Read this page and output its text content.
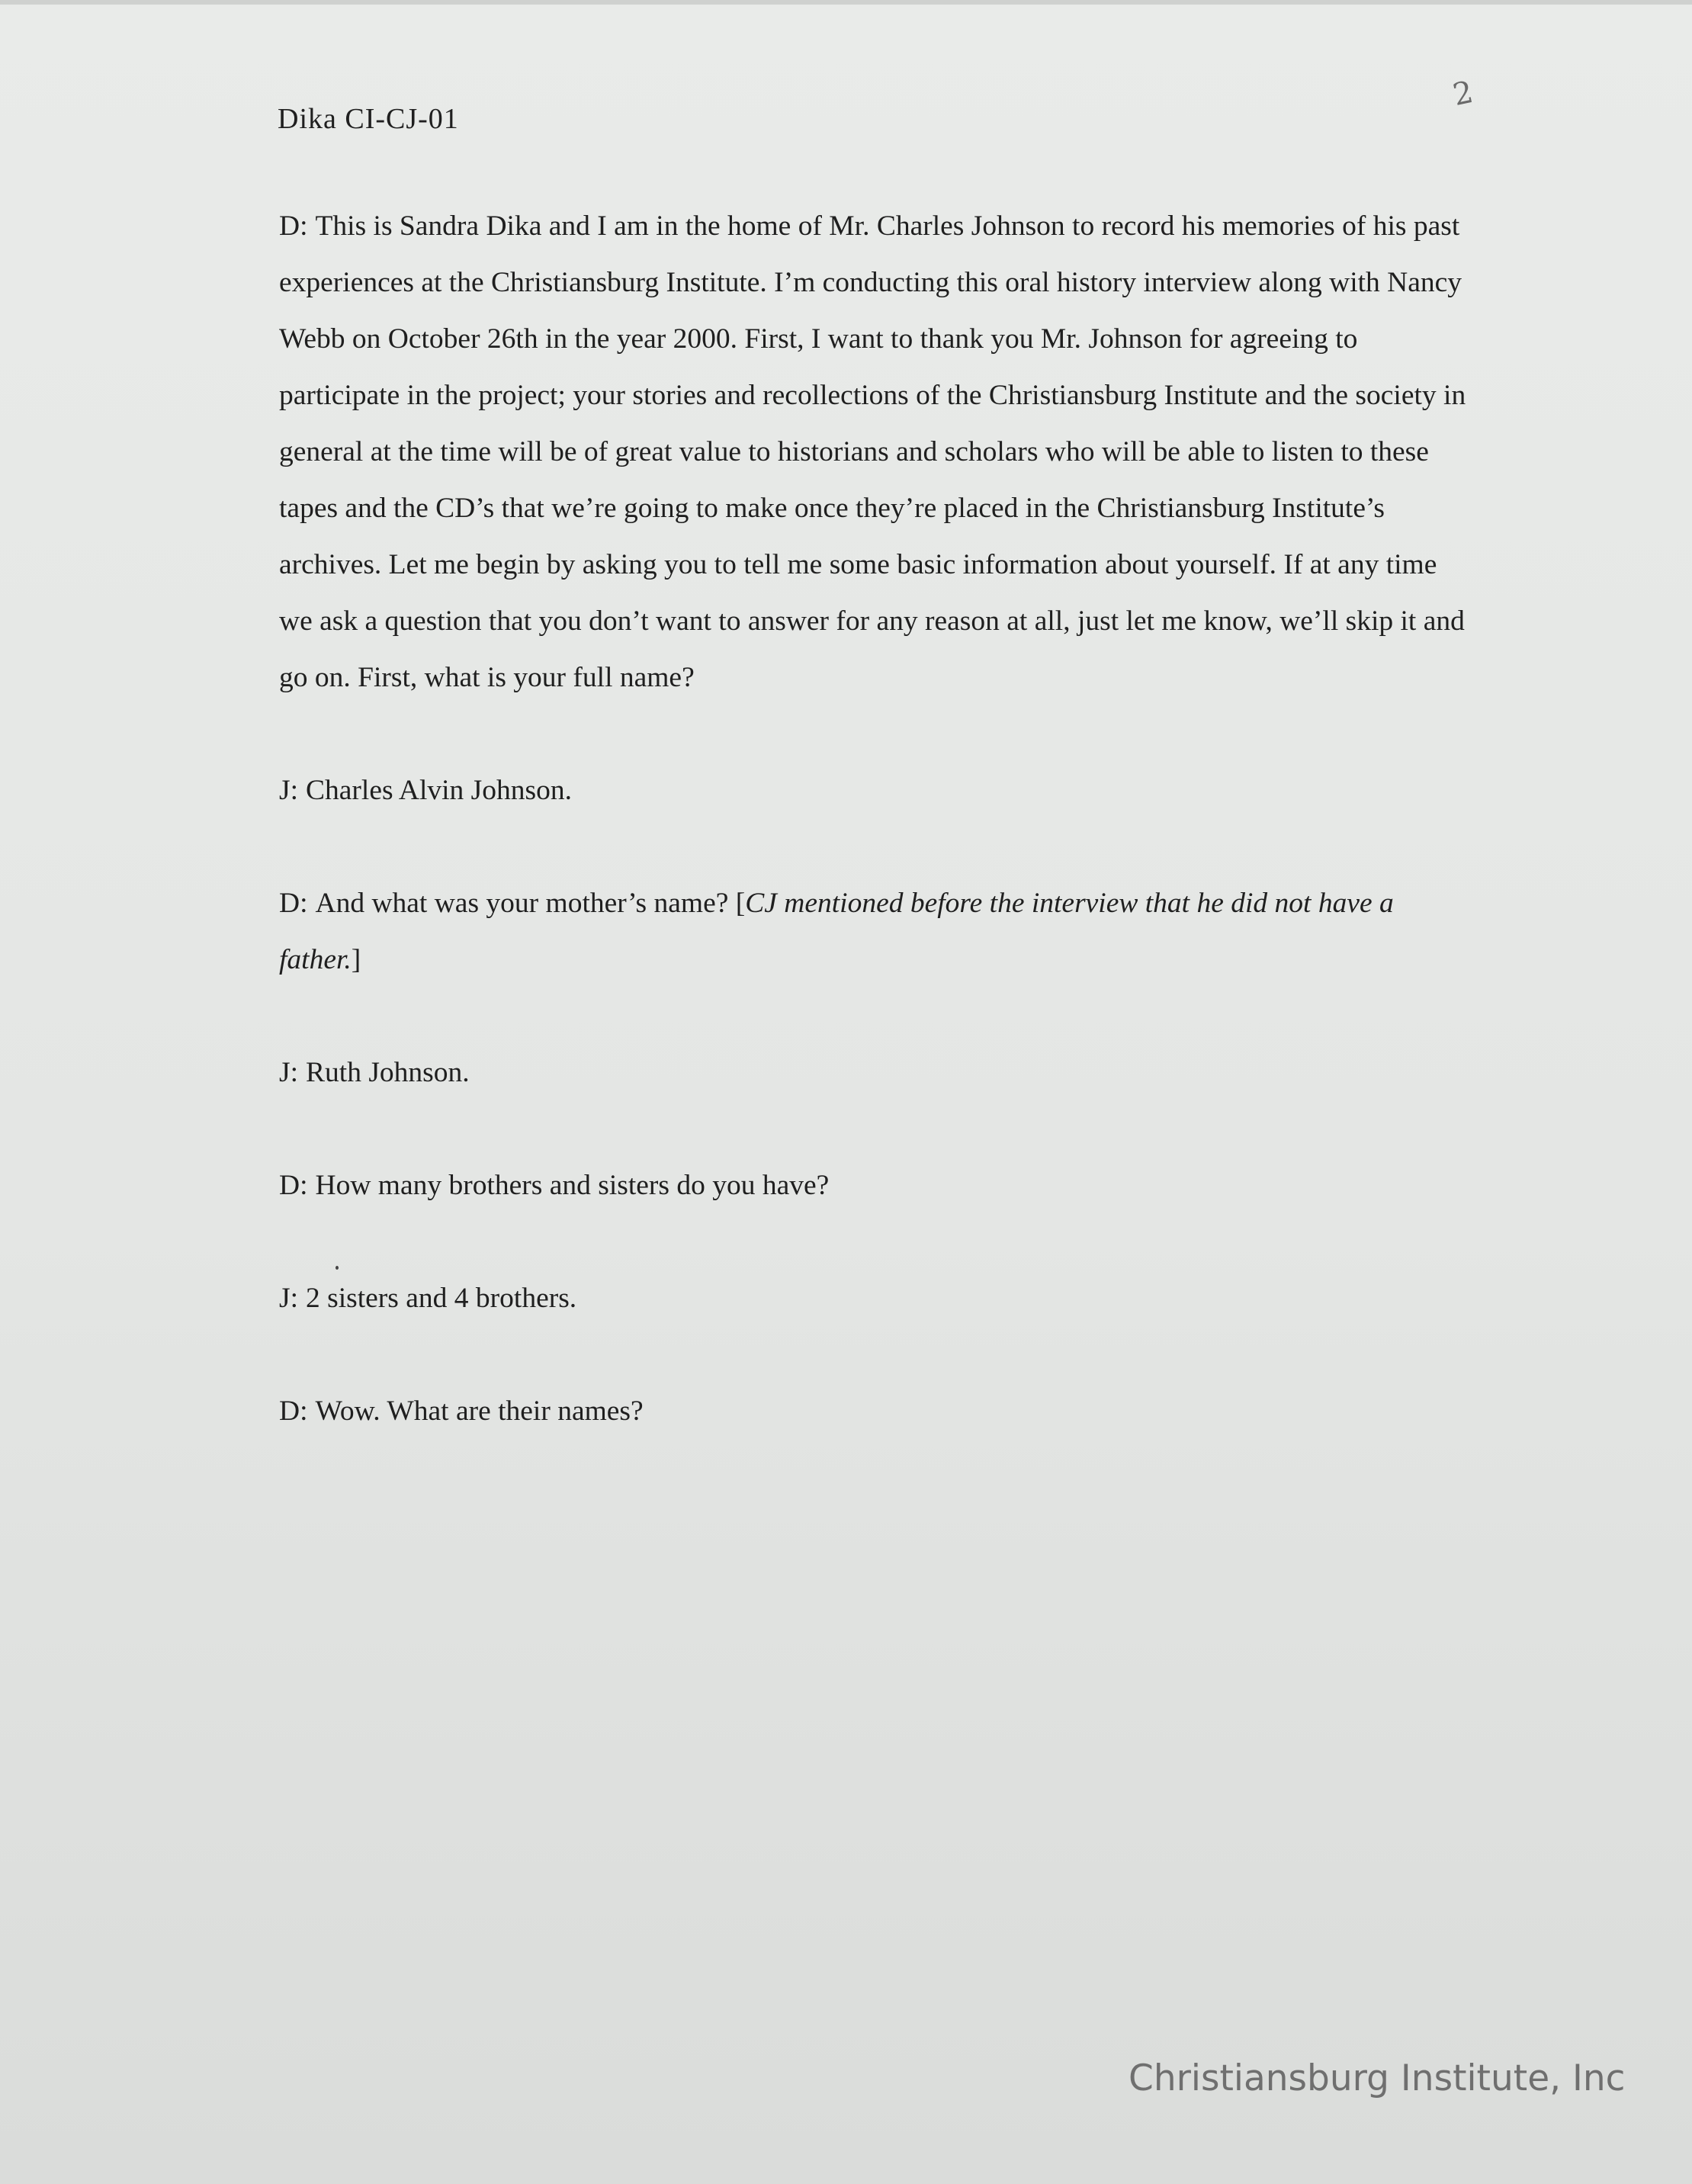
Dika CI-CJ-01
2

D: This is Sandra Dika and I am in the home of Mr. Charles Johnson to record his memories of his past experiences at the Christiansburg Institute. I’m conducting this oral history interview along with Nancy Webb on October 26th in the year 2000. First, I want to thank you Mr. Johnson for agreeing to participate in the project; your stories and recollections of the Christiansburg Institute and the society in general at the time will be of great value to historians and scholars who will be able to listen to these tapes and the CD’s that we’re going to make once they’re placed in the Christiansburg Institute’s archives. Let me begin by asking you to tell me some basic information about yourself. If at any time we ask a question that you don’t want to answer for any reason at all, just let me know, we’ll skip it and go on. First, what is your full name?

J: Charles Alvin Johnson.

D: And what was your mother’s name? [CJ mentioned before the interview that he did not have a father.]

J: Ruth Johnson.

D: How many brothers and sisters do you have?

J: 2 sisters and 4 brothers.

D: Wow. What are their names?

Christiansburg Institute, Inc
